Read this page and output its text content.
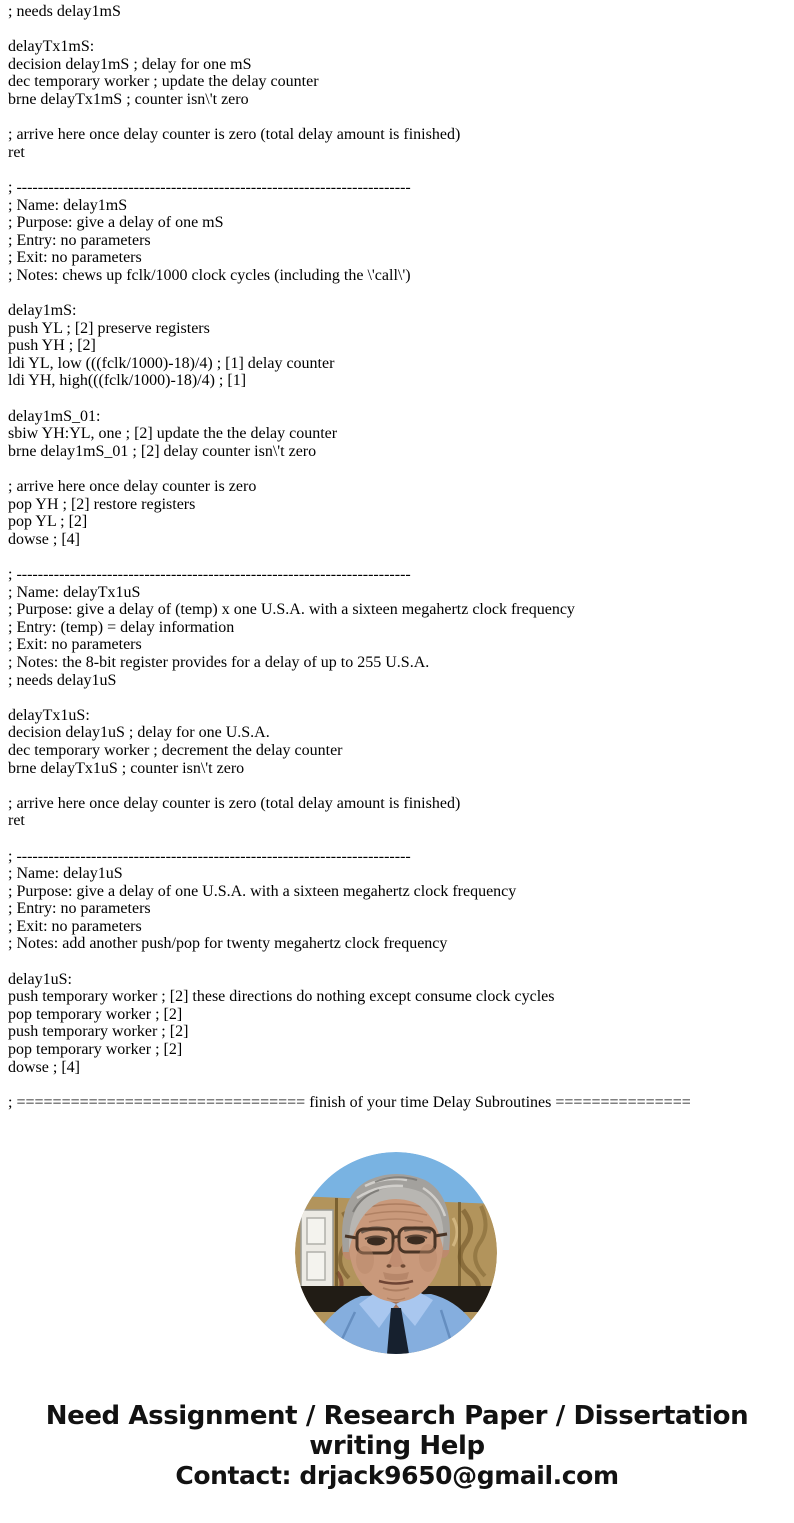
; needs delay1mS

delayTx1mS:
decision delay1mS ; delay for one mS
dec temporary worker ; update the delay counter
brne delayTx1mS ; counter isn\'t zero

; arrive here once delay counter is zero (total delay amount is finished)
ret

; --------------------------------------------------------------------------
; Name: delay1mS
; Purpose: give a delay of one mS
; Entry: no parameters
; Exit: no parameters
; Notes: chews up fclk/1000 clock cycles (including the \'call\')

delay1mS:
push YL ; [2] preserve registers
push YH ; [2]
ldi YL, low (((fclk/1000)-18)/4) ; [1] delay counter
ldi YH, high(((fclk/1000)-18)/4) ; [1]

delay1mS_01:
sbiw YH:YL, one ; [2] update the the delay counter
brne delay1mS_01 ; [2] delay counter isn\'t zero

; arrive here once delay counter is zero
pop YH ; [2] restore registers
pop YL ; [2]
dowse ; [4]

; --------------------------------------------------------------------------
; Name: delayTx1uS
; Purpose: give a delay of (temp) x one U.S.A. with a sixteen megahertz clock frequency
; Entry: (temp) = delay information
; Exit: no parameters
; Notes: the 8-bit register provides for a delay of up to 255 U.S.A.
; needs delay1uS

delayTx1uS:
decision delay1uS ; delay for one U.S.A.
dec temporary worker ; decrement the delay counter
brne delayTx1uS ; counter isn\'t zero

; arrive here once delay counter is zero (total delay amount is finished)
ret

; --------------------------------------------------------------------------
; Name: delay1uS
; Purpose: give a delay of one U.S.A. with a sixteen megahertz clock frequency
; Entry: no parameters
; Exit: no parameters
; Notes: add another push/pop for twenty megahertz clock frequency

delay1uS:
push temporary worker ; [2] these directions do nothing except consume clock cycles
pop temporary worker ; [2]
push temporary worker ; [2]
pop temporary worker ; [2]
dowse ; [4]

; ================================ finish of your time Delay Subroutines ===============
Need Assignment / Research Paper / Dissertation
writing Help
Contact: drjack9650@gmail.com
